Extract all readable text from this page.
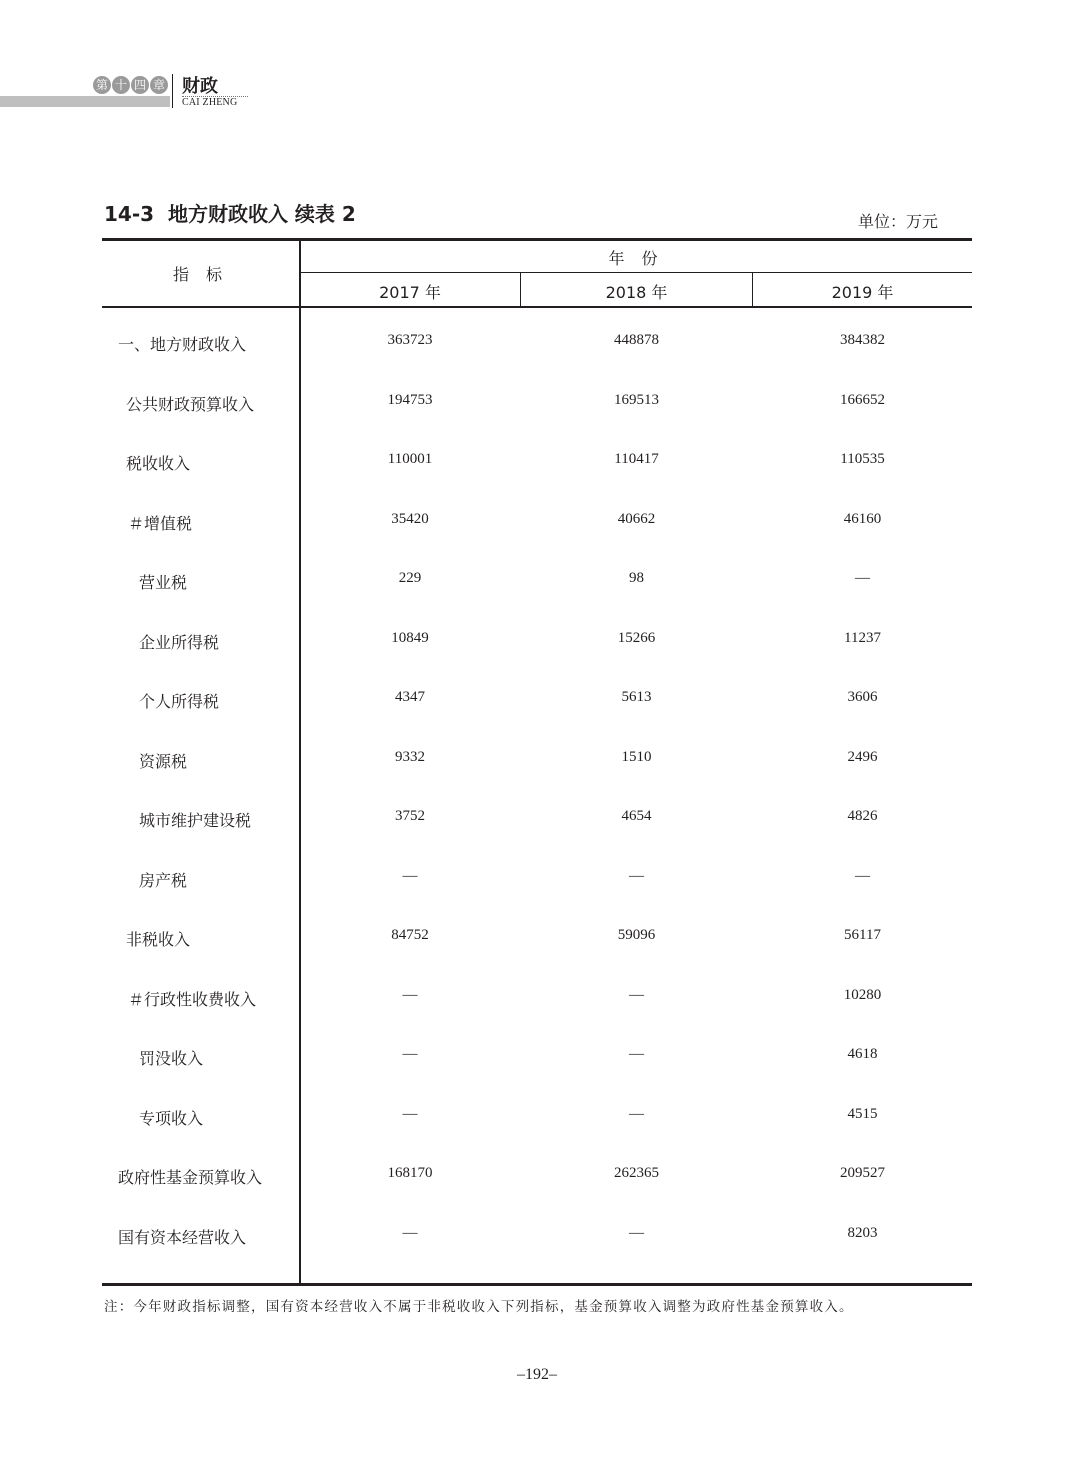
第 十 四 章 财政
CAI ZHENG
14-3  地方财政收入 续表 2	单位：万元
指 标
年 份
2017 年	2018 年	2019 年
一、地方财政收入	363723	448878	384382
公共财政预算收入	194753	169513	166652
税收收入	110001	110417	110535
＃增值税	35420	40662	46160
营业税	229	98	—
企业所得税	10849	15266	11237
个人所得税	4347	5613	3606
资源税	9332	1510	2496
城市维护建设税	3752	4654	4826
房产税	—	—	—
非税收入	84752	59096	56117
＃行政性收费收入	—	—	10280
罚没收入	—	—	4618
专项收入	—	—	4515
政府性基金预算收入	168170	262365	209527
国有资本经营收入	—	—	8203
注：今年财政指标调整，国有资本经营收入不属于非税收收入下列指标，基金预算收入调整为政府性基金预算收入。
–192–
